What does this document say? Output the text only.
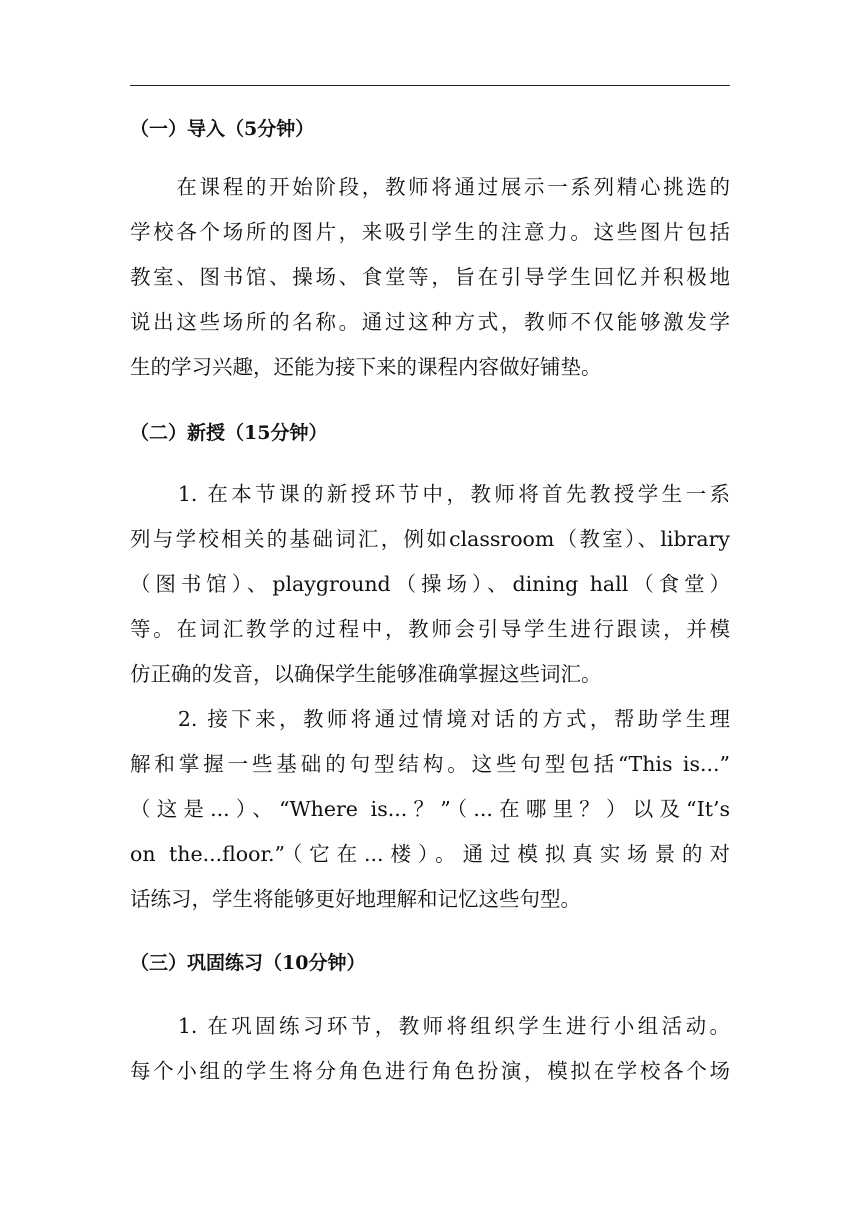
（一）导入（5分钟）
　　在课程的开始阶段，教师将通过展示一系列精心挑选的
学校各个场所的图片，来吸引学生的注意力。这些图片包括
教室、图书馆、操场、食堂等，旨在引导学生回忆并积极地
说出这些场所的名称。通过这种方式，教师不仅能够激发学
生的学习兴趣，还能为接下来的课程内容做好铺垫。
（二）新授（15分钟）
　　1. 在本节课的新授环节中，教师将首先教授学生一系
列与学校相关的基础词汇，例如classroom（教室）、library
（图书馆）、playground（操场）、dining hall（食堂）
等。在词汇教学的过程中，教师会引导学生进行跟读，并模
仿正确的发音，以确保学生能够准确掌握这些词汇。
　　2. 接下来，教师将通过情境对话的方式，帮助学生理
解和掌握一些基础的句型结构。这些句型包括“This is...”
（这是...）、“Where is...？”（...在哪里？）以及“It’s
on the...floor.”（它在...楼）。通过模拟真实场景的对
话练习，学生将能够更好地理解和记忆这些句型。
（三）巩固练习（10分钟）
　　1. 在巩固练习环节，教师将组织学生进行小组活动。
每个小组的学生将分角色进行角色扮演，模拟在学校各个场
